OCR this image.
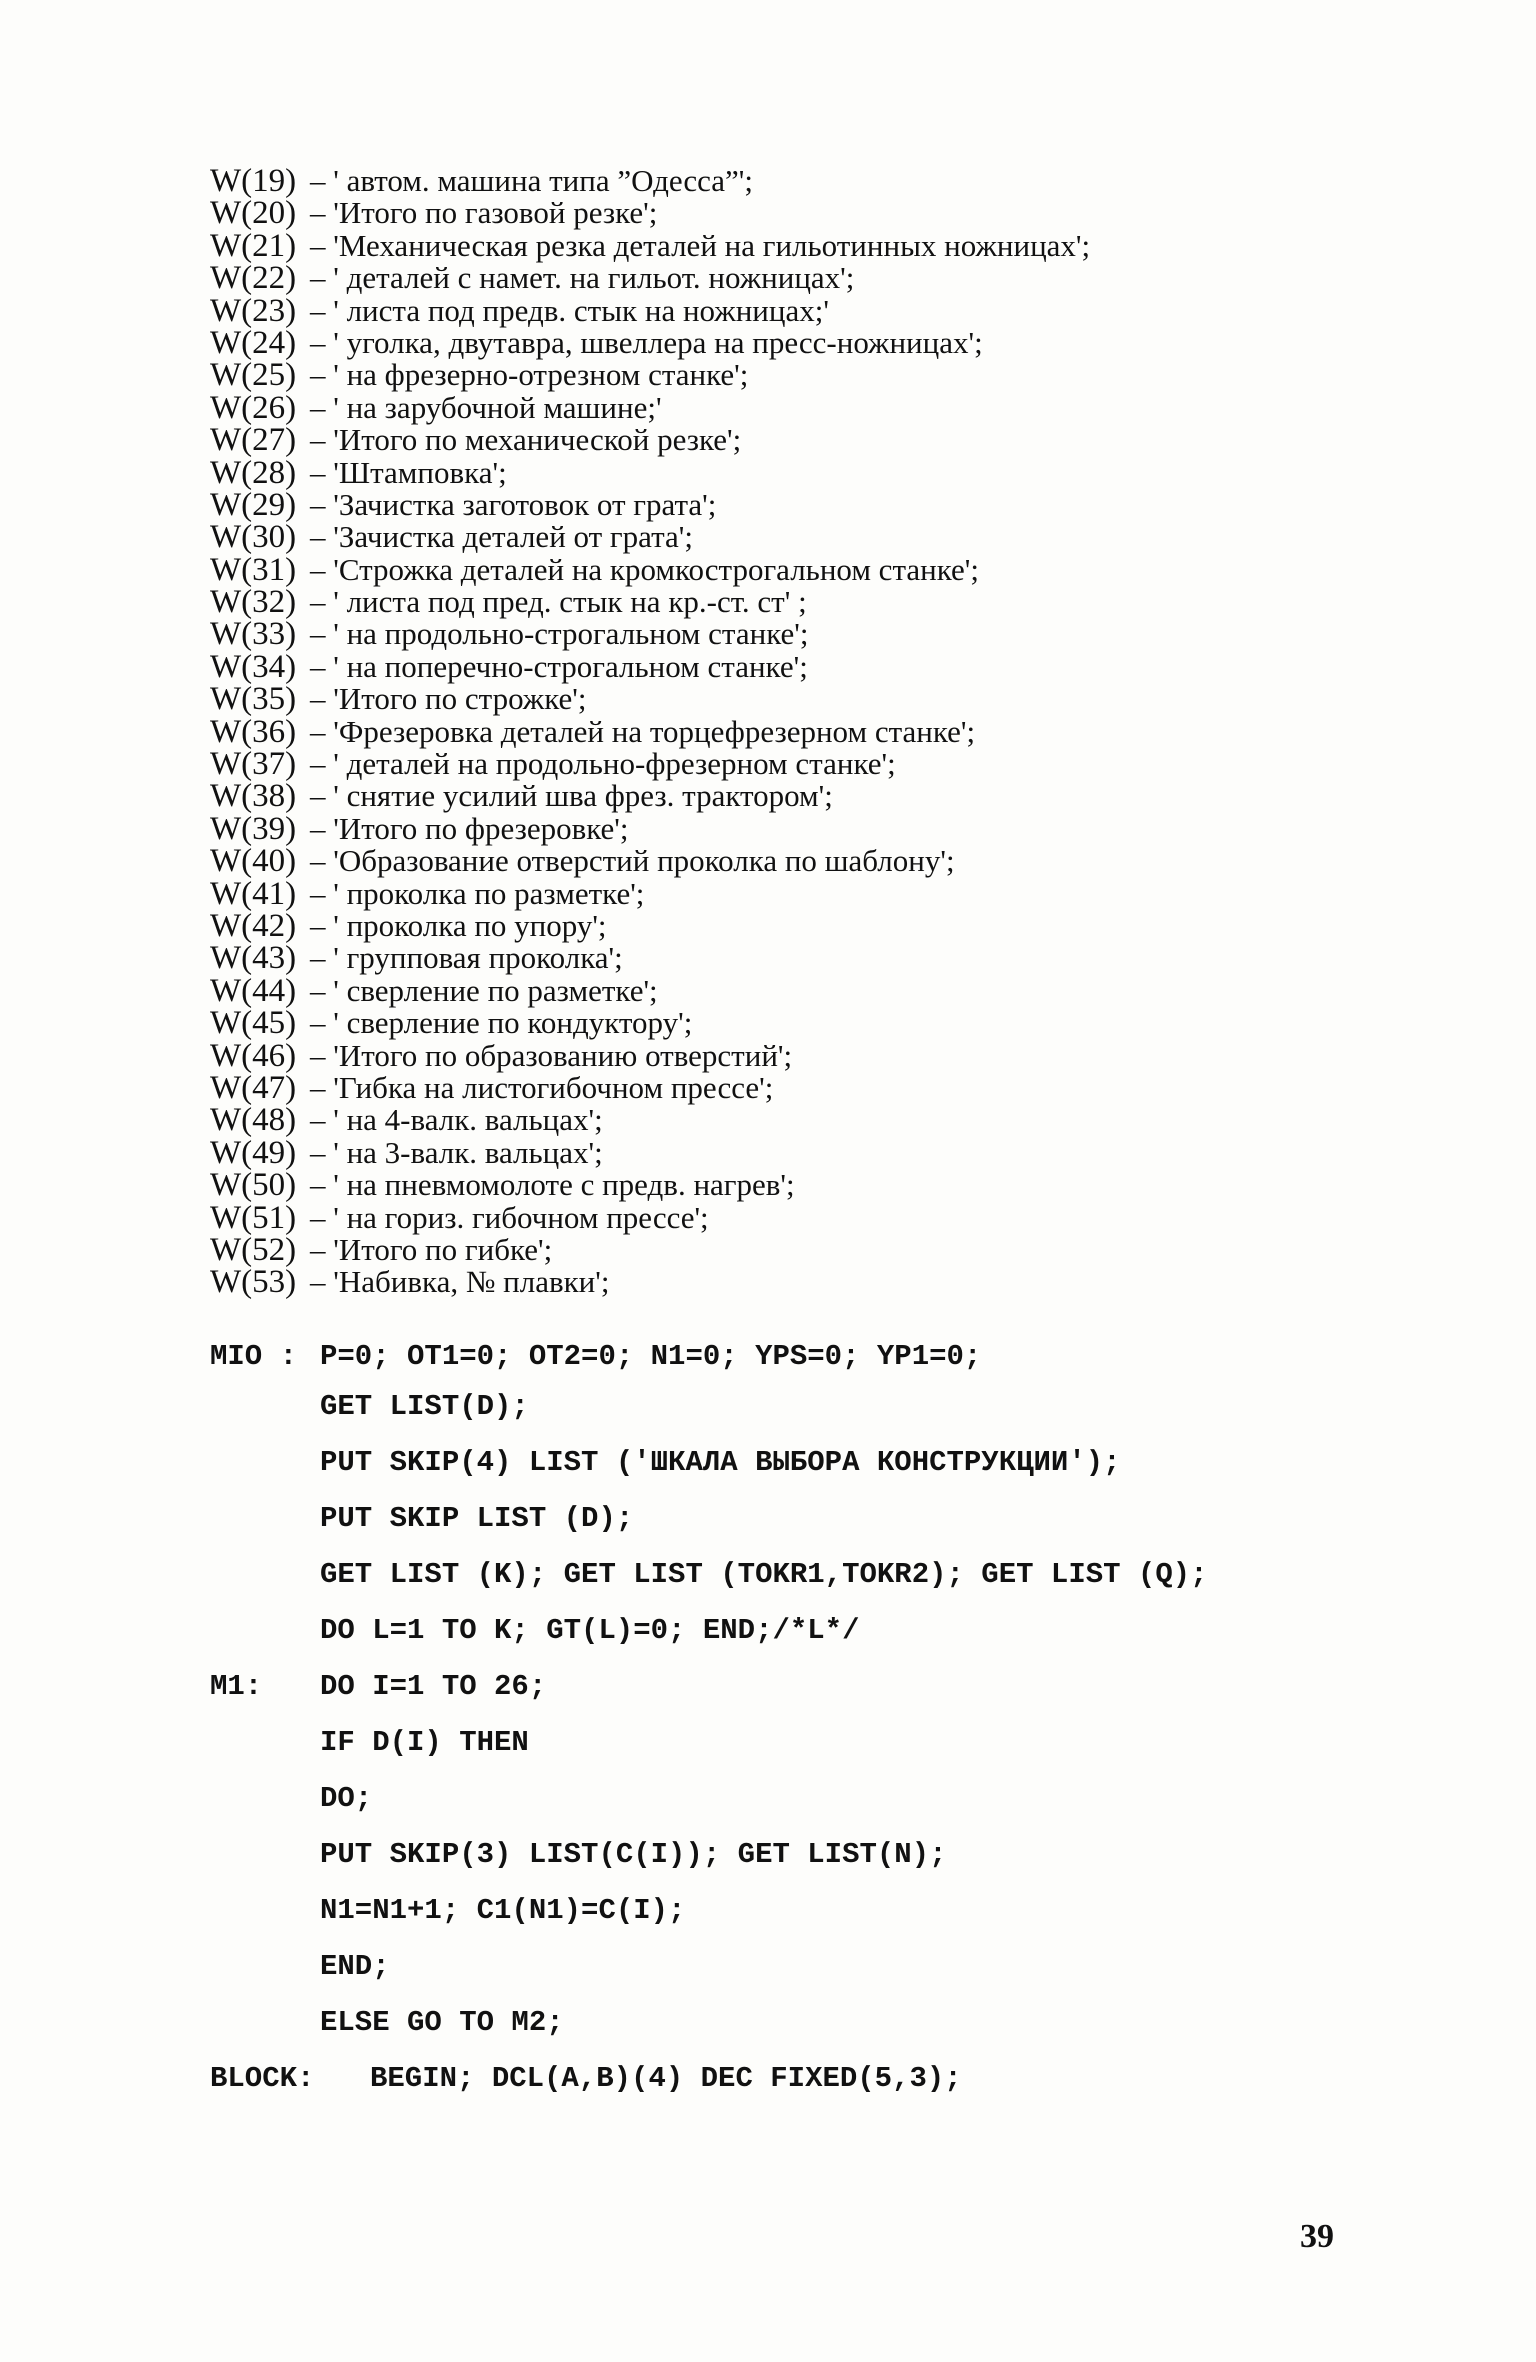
W(19) – ' автом. машина типа ”Одесса”';
W(20) – 'Итого по газовой резке';
W(21) – 'Механическая резка деталей на гильотинных ножницах';
W(22) – ' деталей с намет. на гильот. ножницах';
W(23) – ' листа под предв. стык на ножницах;'
W(24) – ' уголка, двутавра, швеллера на пресс-ножницах';
W(25) – ' на фрезерно-отрезном станке';
W(26) – ' на зарубочной машине;'
W(27) – 'Итого по механической резке';
W(28) – 'Штамповка';
W(29) – 'Зачистка заготовок от грата';
W(30) – 'Зачистка деталей от грата';
W(31) – 'Строжка деталей на кромкострогальном станке';
W(32) – ' листа под пред. стык на кр.-ст. ст' ;
W(33) – ' на продольно-строгальном станке';
W(34) – ' на поперечно-строгальном станке';
W(35) – 'Итого по строжке';
W(36) – 'Фрезеровка деталей на торцефрезерном станке';
W(37) – ' деталей на продольно-фрезерном станке';
W(38) – ' снятие усилий шва фрез. трактором';
W(39) – 'Итого по фрезеровке';
W(40) – 'Образование отверстий проколка по шаблону';
W(41) – ' проколка по разметке';
W(42) – ' проколка по упору';
W(43) – ' групповая проколка';
W(44) – ' сверление по разметке';
W(45) – ' сверление по кондуктору';
W(46) – 'Итого по образованию отверстий';
W(47) – 'Гибка на листогибочном прессе';
W(48) – ' на 4-валк. вальцах';
W(49) – ' на 3-валк. вальцах';
W(50) – ' на пневмомолоте с предв. нагрев';
W(51) – ' на гориз. гибочном прессе';
W(52) – 'Итого по гибке';
W(53) – 'Набивка, № плавки';
MIO : P=0; OT1=0; OT2=0; N1=0; YPS=0; YP1=0;
GET LIST(D);
PUT SKIP(4) LIST ('ШКАЛА ВЫБОРА КОНСТРУКЦИИ');
PUT SKIP LIST (D);
GET LIST (K); GET LIST (TOKR1,TOKR2); GET LIST (Q);
DO L=1 TO K; GT(L)=0; END;/*L*/
M1: DO I=1 TO 26;
IF D(I) THEN
DO;
PUT SKIP(3) LIST(C(I)); GET LIST(N);
N1=N1+1; C1(N1)=C(I);
END;
ELSE GO TO M2;
BLOCK: BEGIN; DCL(A,B)(4) DEC FIXED(5,3);
39
